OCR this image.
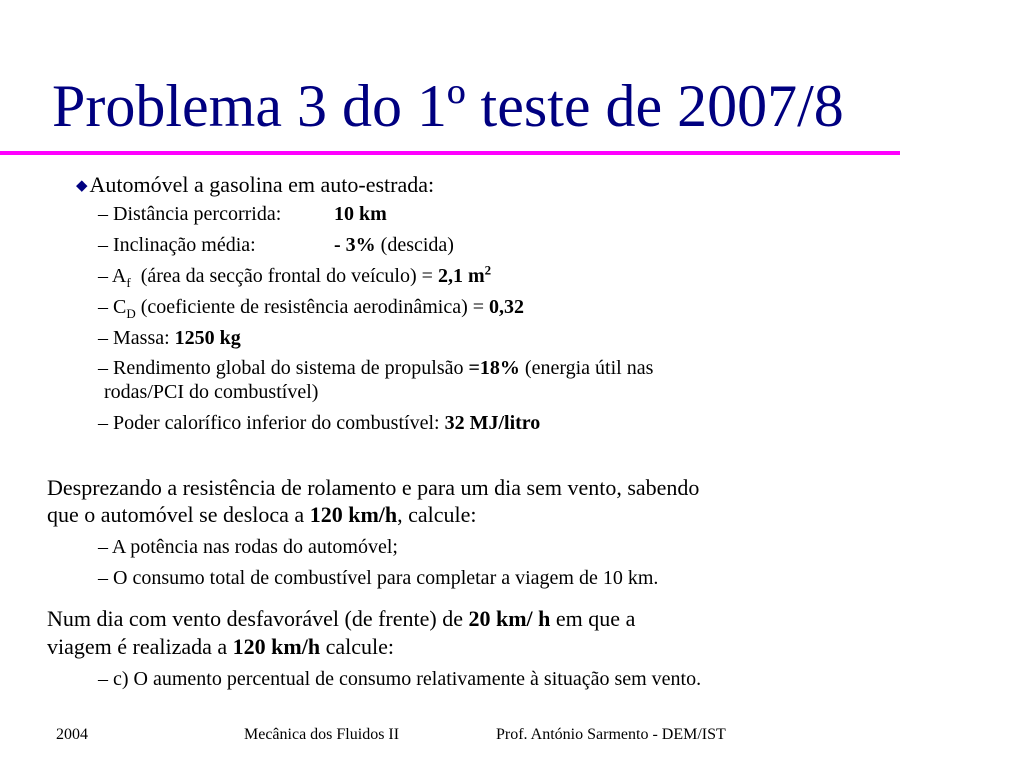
Problema 3 do 1º teste de 2007/8
◆Automóvel a gasolina em auto-estrada:
– Distância percorrida:	10 km
– Inclinação média:	- 3% (descida)
– $A_f$ (área da secção frontal do veículo) = 2,1 $m^2$
– $C_D$ (coeficiente de resistência aerodinâmica) = 0,32
– Massa: 1250 kg
– Rendimento global do sistema de propulsão =18% (energia útil nas
rodas/PCI do combustível)
– Poder calorífico inferior do combustível: 32 MJ/litro
Desprezando a resistência de rolamento e para um dia sem vento, sabendo
que o automóvel se desloca a 120 km/h, calcule:
– A potência nas rodas do automóvel;
– O consumo total de combustível para completar a viagem de 10 km.
Num dia com vento desfavorável (de frente) de 20 km/ h em que a
viagem é realizada a 120 km/h calcule:
– c) O aumento percentual de consumo relativamente à situação sem vento.
2004	Mecânica dos Fluidos II	Prof. António Sarmento - DEM/IST
